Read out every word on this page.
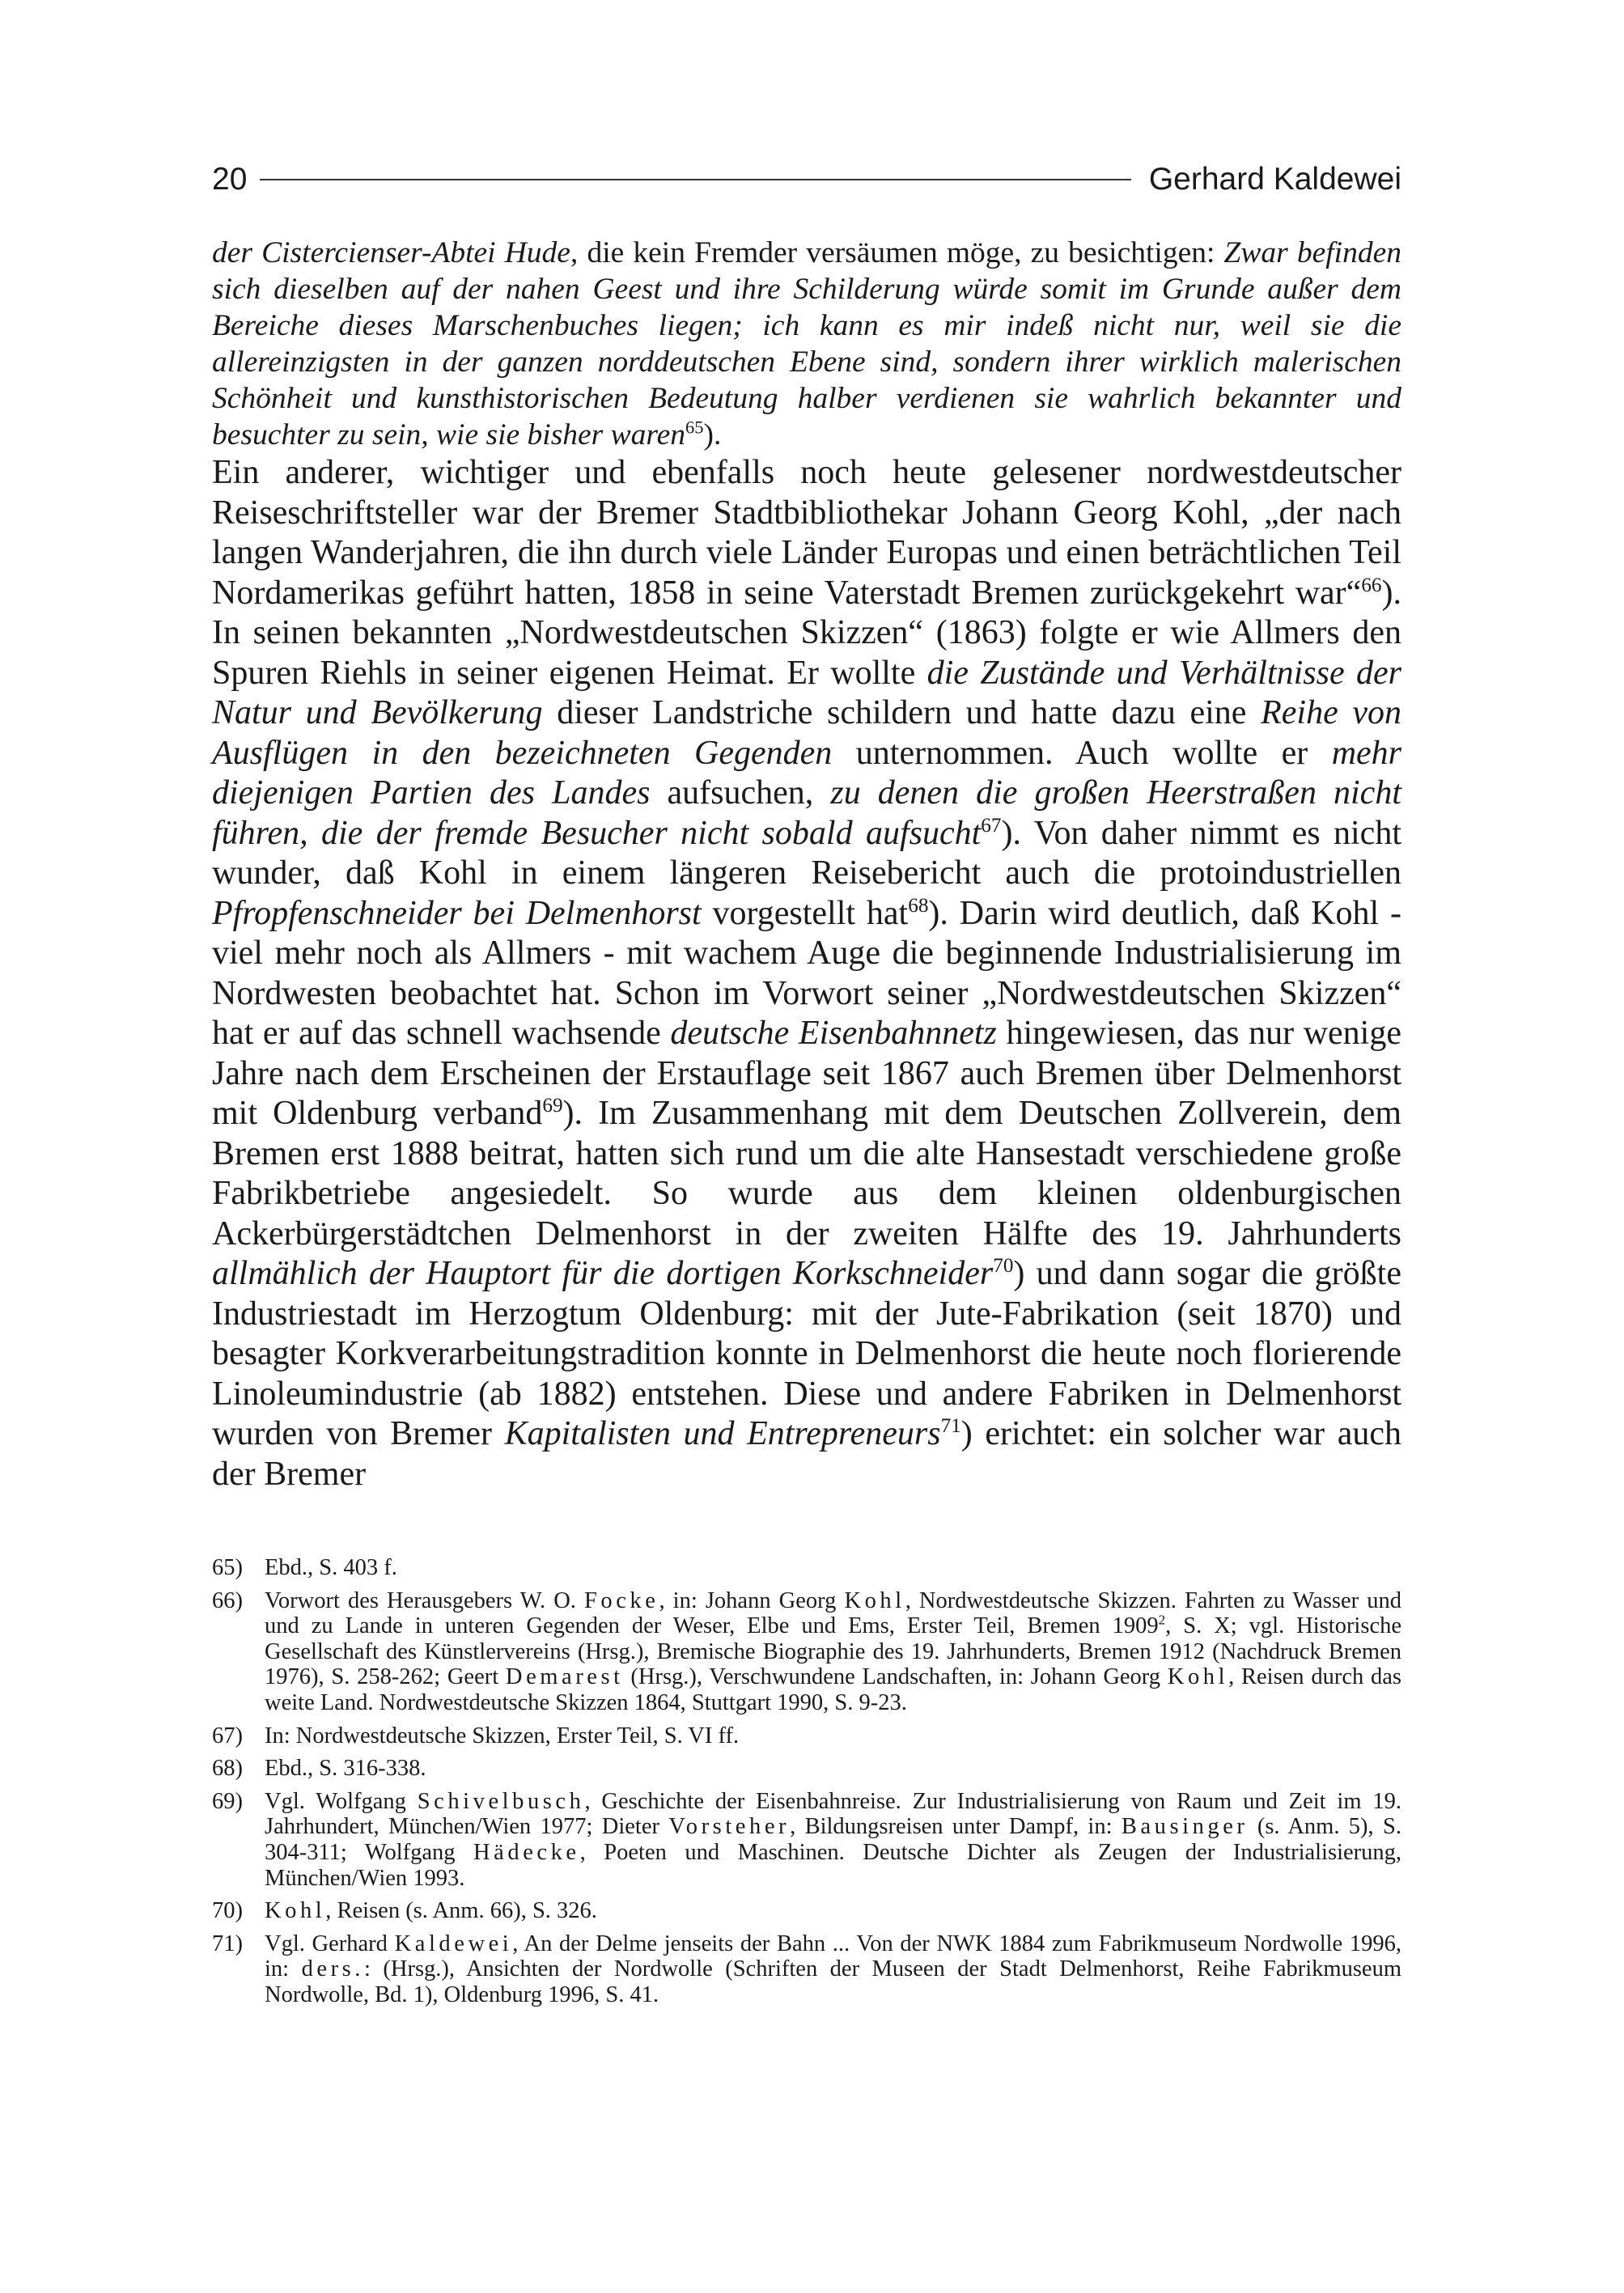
20	Gerhard Kaldewei

der Cistercienser-Abtei Hude, die kein Fremder versäumen möge, zu besichtigen: Zwar befinden sich dieselben auf der nahen Geest und ihre Schilderung würde somit im Grunde außer dem Bereiche dieses Marschenbuches liegen; ich kann es mir indeß nicht nur, weil sie die allereinzigsten in der ganzen norddeutschen Ebene sind, sondern ihrer wirklich malerischen Schönheit und kunsthistorischen Bedeutung halber verdienen sie wahrlich bekannter und besuchter zu sein, wie sie bisher waren$^{65}$).

Ein anderer, wichtiger und ebenfalls noch heute gelesener nordwestdeutscher Reiseschriftsteller war der Bremer Stadtbibliothekar Johann Georg Kohl, „der nach langen Wanderjahren, die ihn durch viele Länder Europas und einen beträchtlichen Teil Nordamerikas geführt hatten, 1858 in seine Vaterstadt Bremen zurückgekehrt war“$^{66}$). In seinen bekannten „Nordwestdeutschen Skizzen“ (1863) folgte er wie Allmers den Spuren Riehls in seiner eigenen Heimat. Er wollte die Zustände und Verhältnisse der Natur und Bevölkerung dieser Landstriche schildern und hatte dazu eine Reihe von Ausflügen in den bezeichneten Gegenden unternommen. Auch wollte er mehr diejenigen Partien des Landes aufsuchen, zu denen die großen Heerstraßen nicht führen, die der fremde Besucher nicht sobald aufsucht$^{67}$). Von daher nimmt es nicht wunder, daß Kohl in einem längeren Reisebericht auch die protoindustriellen Pfropfenschneider bei Delmenhorst vorgestellt hat$^{68}$). Darin wird deutlich, daß Kohl - viel mehr noch als Allmers - mit wachem Auge die beginnende Industrialisierung im Nordwesten beobachtet hat. Schon im Vorwort seiner „Nordwestdeutschen Skizzen“ hat er auf das schnell wachsende deutsche Eisenbahnnetz hingewiesen, das nur wenige Jahre nach dem Erscheinen der Erstauflage seit 1867 auch Bremen über Delmenhorst mit Oldenburg verband$^{69}$). Im Zusammenhang mit dem Deutschen Zollverein, dem Bremen erst 1888 beitrat, hatten sich rund um die alte Hansestadt verschiedene große Fabrikbetriebe angesiedelt. So wurde aus dem kleinen oldenburgischen Ackerbürgerstädtchen Delmenhorst in der zweiten Hälfte des 19. Jahrhunderts allmählich der Hauptort für die dortigen Korkschneider$^{70}$) und dann sogar die größte Industriestadt im Herzogtum Oldenburg: mit der Jute-Fabrikation (seit 1870) und besagter Korkverarbeitungstradition konnte in Delmenhorst die heute noch florierende Linoleumindustrie (ab 1882) entstehen. Diese und andere Fabriken in Delmenhorst wurden von Bremer Kapitalisten und Entrepreneurs$^{71}$) erichtet: ein solcher war auch der Bremer

65) Ebd., S. 403 f.
66) Vorwort des Herausgebers W. O. Focke, in: Johann Georg Kohl, Nordwestdeutsche Skizzen. Fahrten zu Wasser und und zu Lande in unteren Gegenden der Weser, Elbe und Ems, Erster Teil, Bremen 1909$^2$, S. X; vgl. Historische Gesellschaft des Künstlervereins (Hrsg.), Bremische Biographie des 19. Jahrhunderts, Bremen 1912 (Nachdruck Bremen 1976), S. 258-262; Geert Demarest (Hrsg.), Verschwundene Landschaften, in: Johann Georg Kohl, Reisen durch das weite Land. Nordwestdeutsche Skizzen 1864, Stuttgart 1990, S. 9-23.
67) In: Nordwestdeutsche Skizzen, Erster Teil, S. VI ff.
68) Ebd., S. 316-338.
69) Vgl. Wolfgang Schivelbusch, Geschichte der Eisenbahnreise. Zur Industrialisierung von Raum und Zeit im 19. Jahrhundert, München/Wien 1977; Dieter Vorsteher, Bildungsreisen unter Dampf, in: Bausinger (s. Anm. 5), S. 304-311; Wolfgang Hädecke, Poeten und Maschinen. Deutsche Dichter als Zeugen der Industrialisierung, München/Wien 1993.
70) Kohl, Reisen (s. Anm. 66), S. 326.
71) Vgl. Gerhard Kaldewei, An der Delme jenseits der Bahn ... Von der NWK 1884 zum Fabrikmuseum Nordwolle 1996, in: ders.: (Hrsg.), Ansichten der Nordwolle (Schriften der Museen der Stadt Delmenhorst, Reihe Fabrikmuseum Nordwolle, Bd. 1), Oldenburg 1996, S. 41.
